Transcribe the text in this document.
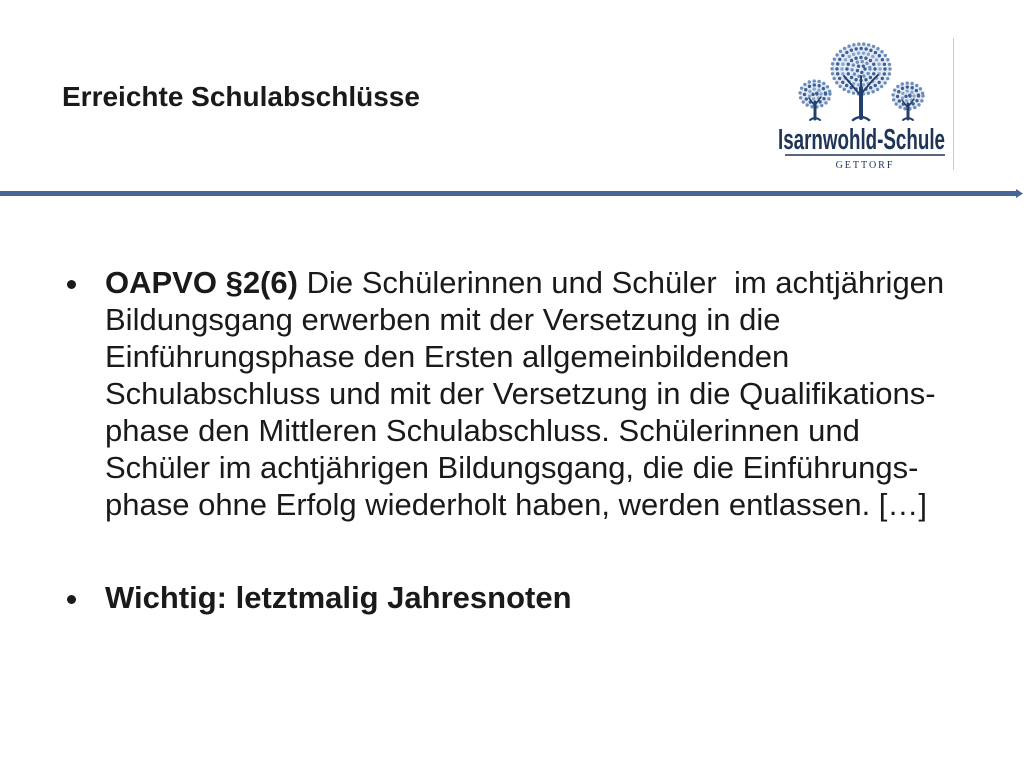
Erreichte Schulabschlüsse
Isarnwohld-Schule
GETTORF
OAPVO §2(6) Die Schülerinnen und Schüler  im achtjährigen
Bildungsgang erwerben mit der Versetzung in die
Einführungsphase den Ersten allgemeinbildenden
Schulabschluss und mit der Versetzung in die Qualifikations-
phase den Mittleren Schulabschluss. Schülerinnen und
Schüler im achtjährigen Bildungsgang, die die Einführungs-
phase ohne Erfolg wiederholt haben, werden entlassen. […]
Wichtig: letztmalig Jahresnoten
